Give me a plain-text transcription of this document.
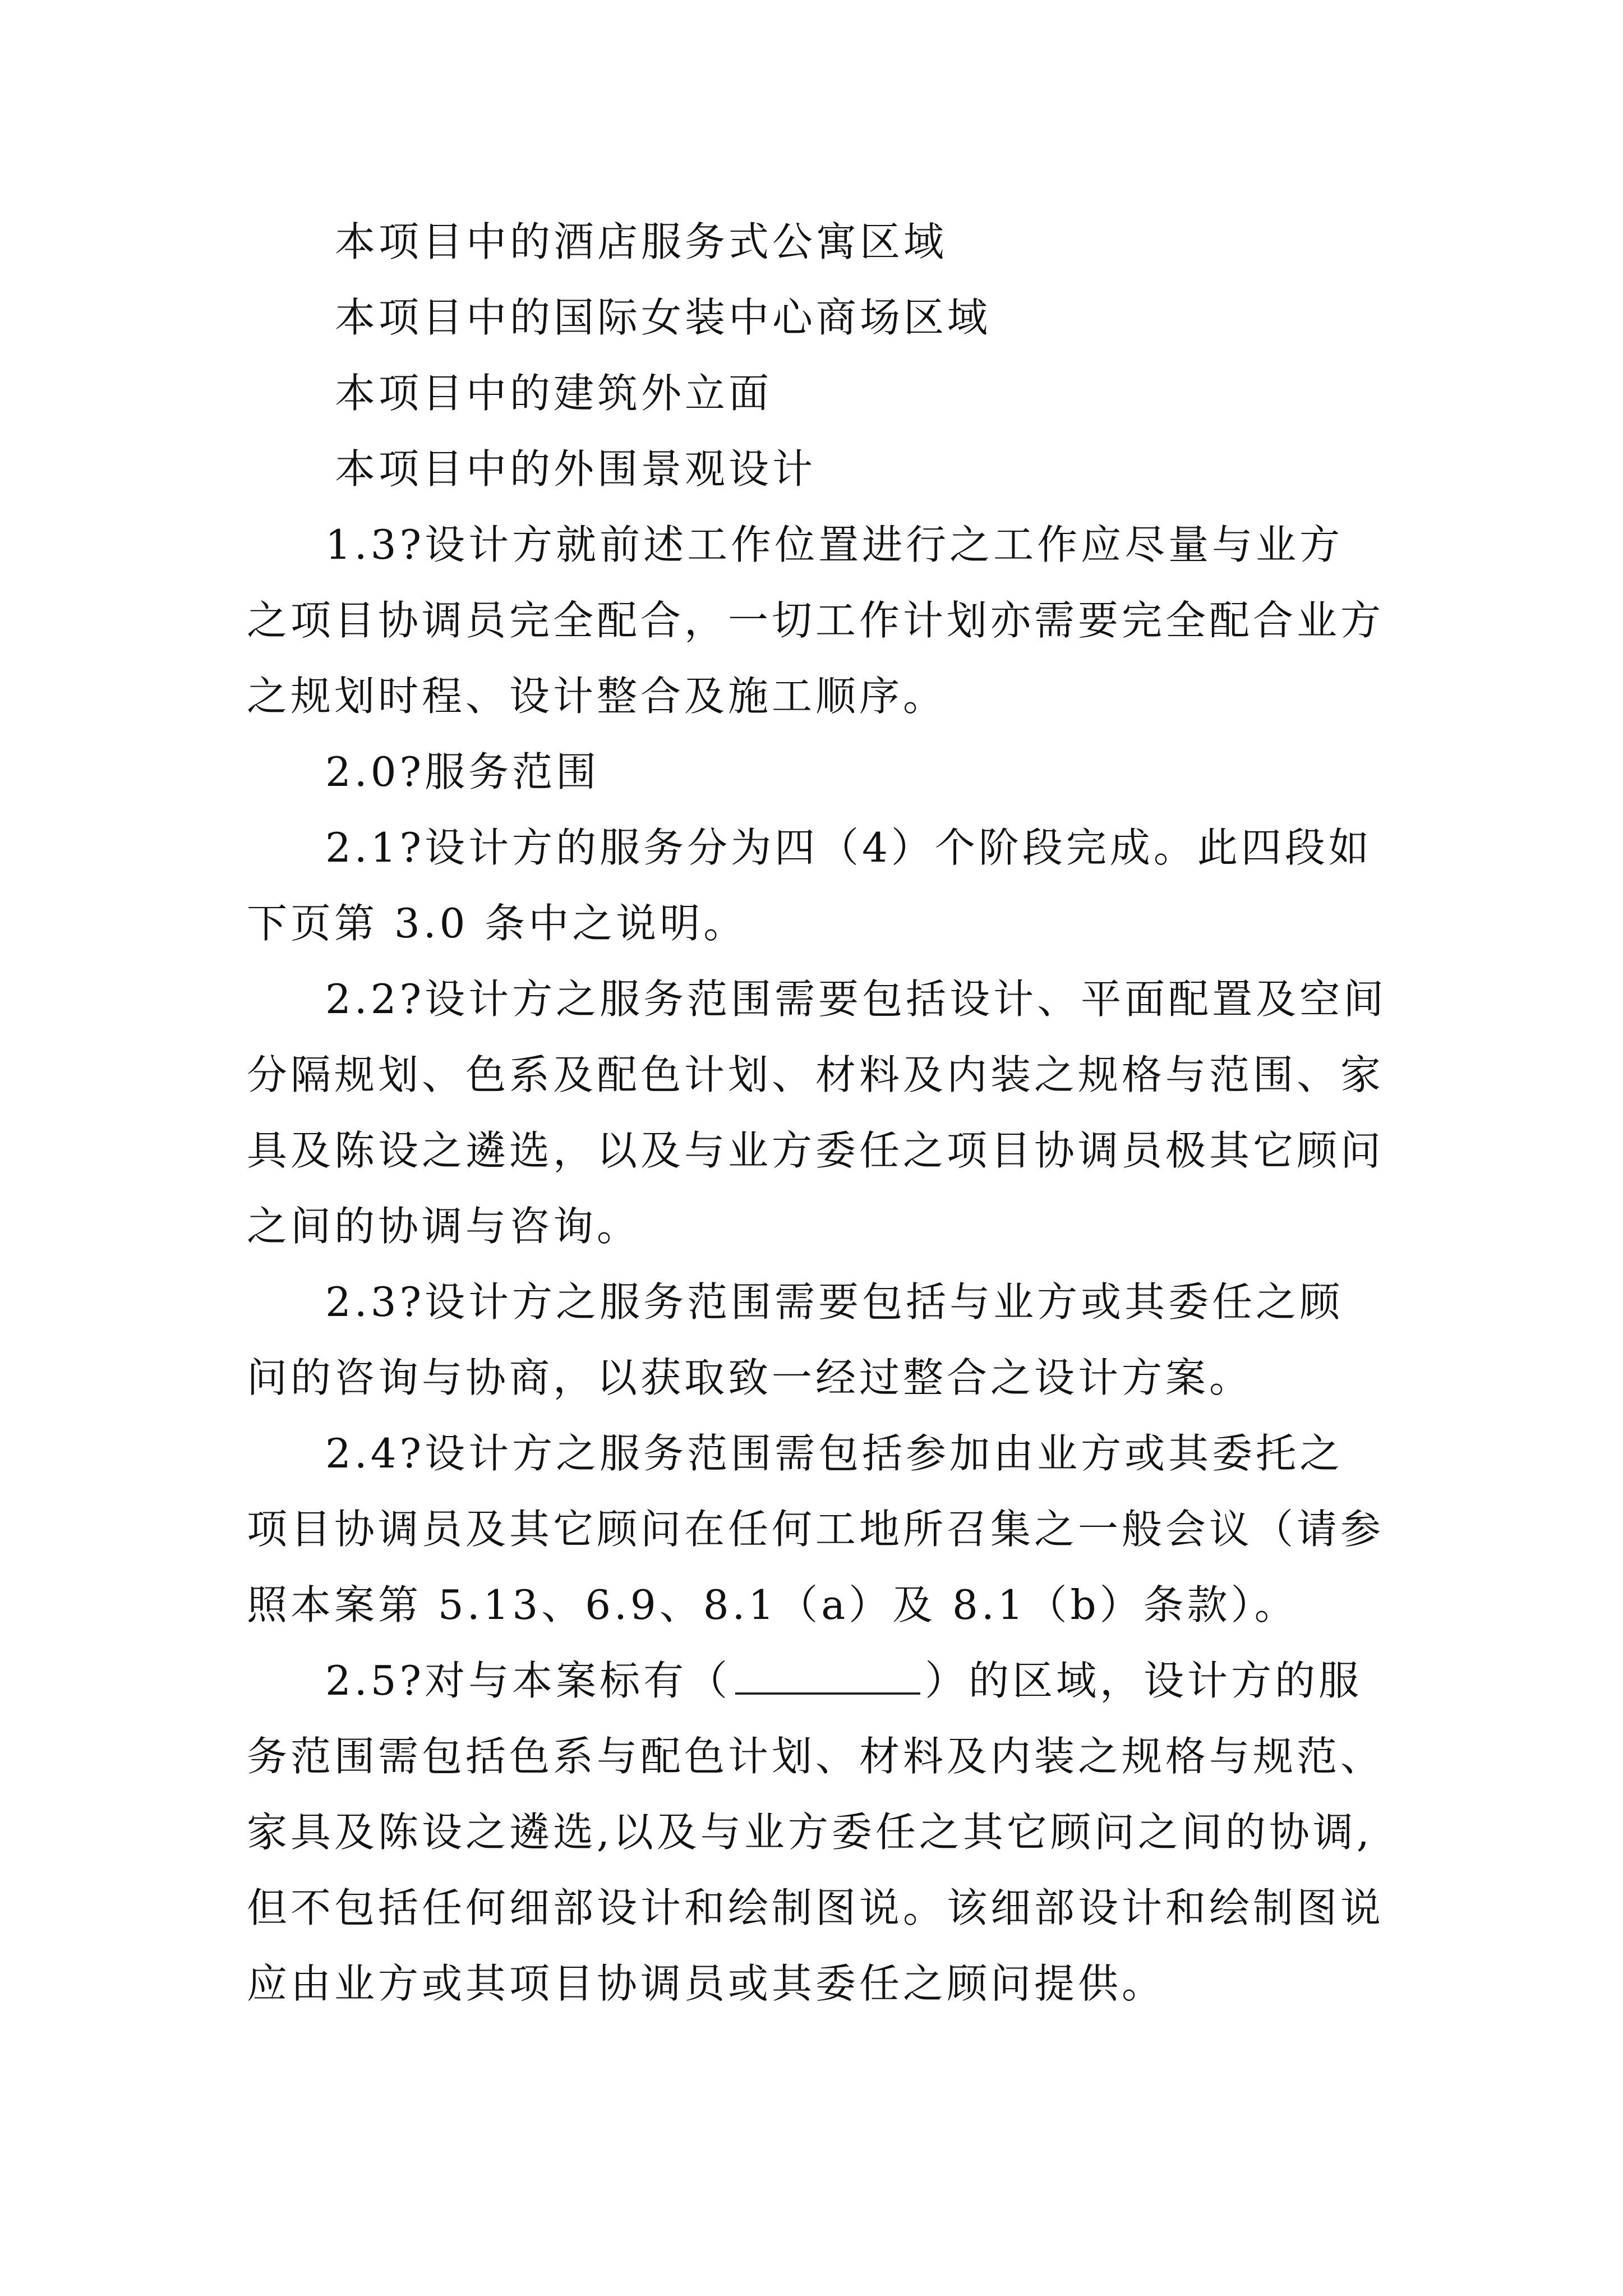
本项目中的酒店服务式公寓区域
本项目中的国际女装中心商场区域
本项目中的建筑外立面
本项目中的外围景观设计
1.3?设计方就前述工作位置进行之工作应尽量与业方
之项目协调员完全配合，一切工作计划亦需要完全配合业方
之规划时程、设计整合及施工顺序。
2.0?服务范围
2.1?设计方的服务分为四（4）个阶段完成。此四段如
下页第 3.0 条中之说明。
2.2?设计方之服务范围需要包括设计、平面配置及空间
分隔规划、色系及配色计划、材料及内装之规格与范围、家
具及陈设之遴选，以及与业方委任之项目协调员极其它顾问
之间的协调与咨询。
2.3?设计方之服务范围需要包括与业方或其委任之顾
问的咨询与协商，以获取致一经过整合之设计方案。
2.4?设计方之服务范围需包括参加由业方或其委托之
项目协调员及其它顾问在任何工地所召集之一般会议（请参
照本案第 5.13、6.9、8.1（a）及 8.1（b）条款）。
2.5?对与本案标有（	）的区域，设计方的服
务范围需包括色系与配色计划、材料及内装之规格与规范、
家具及陈设之遴选,以及与业方委任之其它顾问之间的协调,
但不包括任何细部设计和绘制图说。该细部设计和绘制图说
应由业方或其项目协调员或其委任之顾问提供。
